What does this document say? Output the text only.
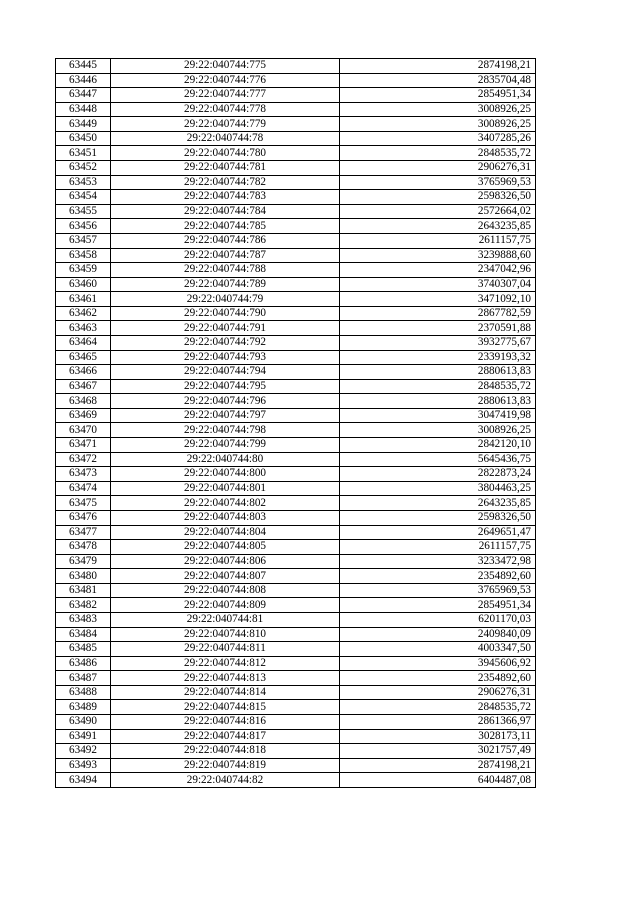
63445	29:22:040744:775	2874198,21
63446	29:22:040744:776	2835704,48
63447	29:22:040744:777	2854951,34
63448	29:22:040744:778	3008926,25
63449	29:22:040744:779	3008926,25
63450	29:22:040744:78	3407285,26
63451	29:22:040744:780	2848535,72
63452	29:22:040744:781	2906276,31
63453	29:22:040744:782	3765969,53
63454	29:22:040744:783	2598326,50
63455	29:22:040744:784	2572664,02
63456	29:22:040744:785	2643235,85
63457	29:22:040744:786	2611157,75
63458	29:22:040744:787	3239888,60
63459	29:22:040744:788	2347042,96
63460	29:22:040744:789	3740307,04
63461	29:22:040744:79	3471092,10
63462	29:22:040744:790	2867782,59
63463	29:22:040744:791	2370591,88
63464	29:22:040744:792	3932775,67
63465	29:22:040744:793	2339193,32
63466	29:22:040744:794	2880613,83
63467	29:22:040744:795	2848535,72
63468	29:22:040744:796	2880613,83
63469	29:22:040744:797	3047419,98
63470	29:22:040744:798	3008926,25
63471	29:22:040744:799	2842120,10
63472	29:22:040744:80	5645436,75
63473	29:22:040744:800	2822873,24
63474	29:22:040744:801	3804463,25
63475	29:22:040744:802	2643235,85
63476	29:22:040744:803	2598326,50
63477	29:22:040744:804	2649651,47
63478	29:22:040744:805	2611157,75
63479	29:22:040744:806	3233472,98
63480	29:22:040744:807	2354892,60
63481	29:22:040744:808	3765969,53
63482	29:22:040744:809	2854951,34
63483	29:22:040744:81	6201170,03
63484	29:22:040744:810	2409840,09
63485	29:22:040744:811	4003347,50
63486	29:22:040744:812	3945606,92
63487	29:22:040744:813	2354892,60
63488	29:22:040744:814	2906276,31
63489	29:22:040744:815	2848535,72
63490	29:22:040744:816	2861366,97
63491	29:22:040744:817	3028173,11
63492	29:22:040744:818	3021757,49
63493	29:22:040744:819	2874198,21
63494	29:22:040744:82	6404487,08
